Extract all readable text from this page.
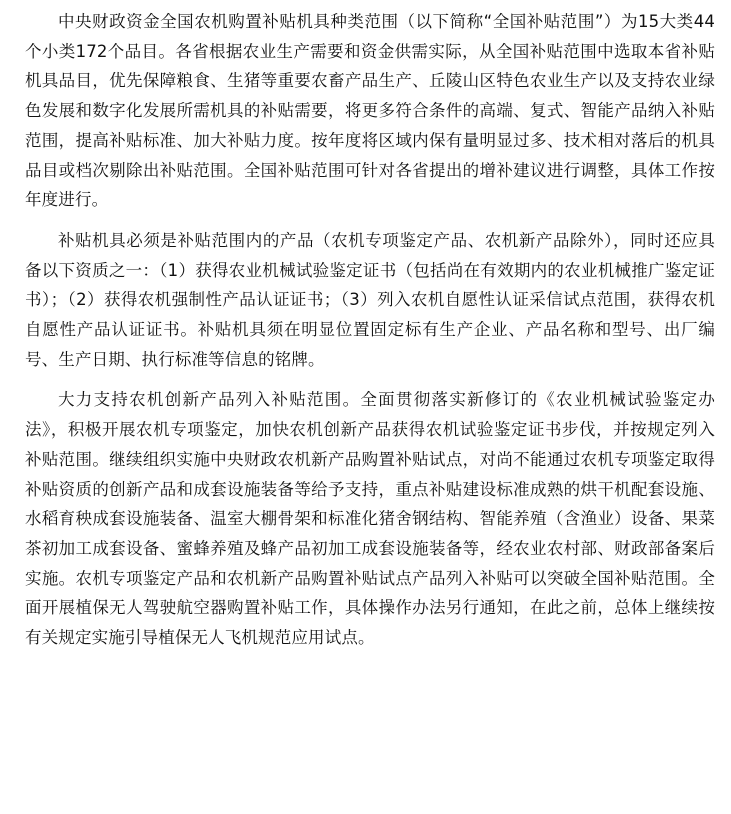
中央财政资金全国农机购置补贴机具种类范围（以下简称“全国补贴范围”）为15大类44个小类172个品目。各省根据农业生产需要和资金供需实际，从全国补贴范围中选取本省补贴机具品目，优先保障粮食、生猪等重要农畜产品生产、丘陵山区特色农业生产以及支持农业绿色发展和数字化发展所需机具的补贴需要，将更多符合条件的高端、复式、智能产品纳入补贴范围，提高补贴标准、加大补贴力度。按年度将区域内保有量明显过多、技术相对落后的机具品目或档次剔除出补贴范围。全国补贴范围可针对各省提出的增补建议进行调整，具体工作按年度进行。

补贴机具必须是补贴范围内的产品（农机专项鉴定产品、农机新产品除外），同时还应具备以下资质之一：（1）获得农业机械试验鉴定证书（包括尚在有效期内的农业机械推广鉴定证书）；（2）获得农机强制性产品认证证书；（3）列入农机自愿性认证采信试点范围，获得农机自愿性产品认证证书。补贴机具须在明显位置固定标有生产企业、产品名称和型号、出厂编号、生产日期、执行标准等信息的铭牌。

大力支持农机创新产品列入补贴范围。全面贯彻落实新修订的《农业机械试验鉴定办法》，积极开展农机专项鉴定，加快农机创新产品获得农机试验鉴定证书步伐，并按规定列入补贴范围。继续组织实施中央财政农机新产品购置补贴试点，对尚不能通过农机专项鉴定取得补贴资质的创新产品和成套设施装备等给予支持，重点补贴建设标准成熟的烘干机配套设施、水稻育秧成套设施装备、温室大棚骨架和标准化猪舍钢结构、智能养殖（含渔业）设备、果菜茶初加工成套设备、蜜蜂养殖及蜂产品初加工成套设施装备等，经农业农村部、财政部备案后实施。农机专项鉴定产品和农机新产品购置补贴试点产品列入补贴可以突破全国补贴范围。全面开展植保无人驾驶航空器购置补贴工作，具体操作办法另行通知，在此之前，总体上继续按有关规定实施引导植保无人飞机规范应用试点。
